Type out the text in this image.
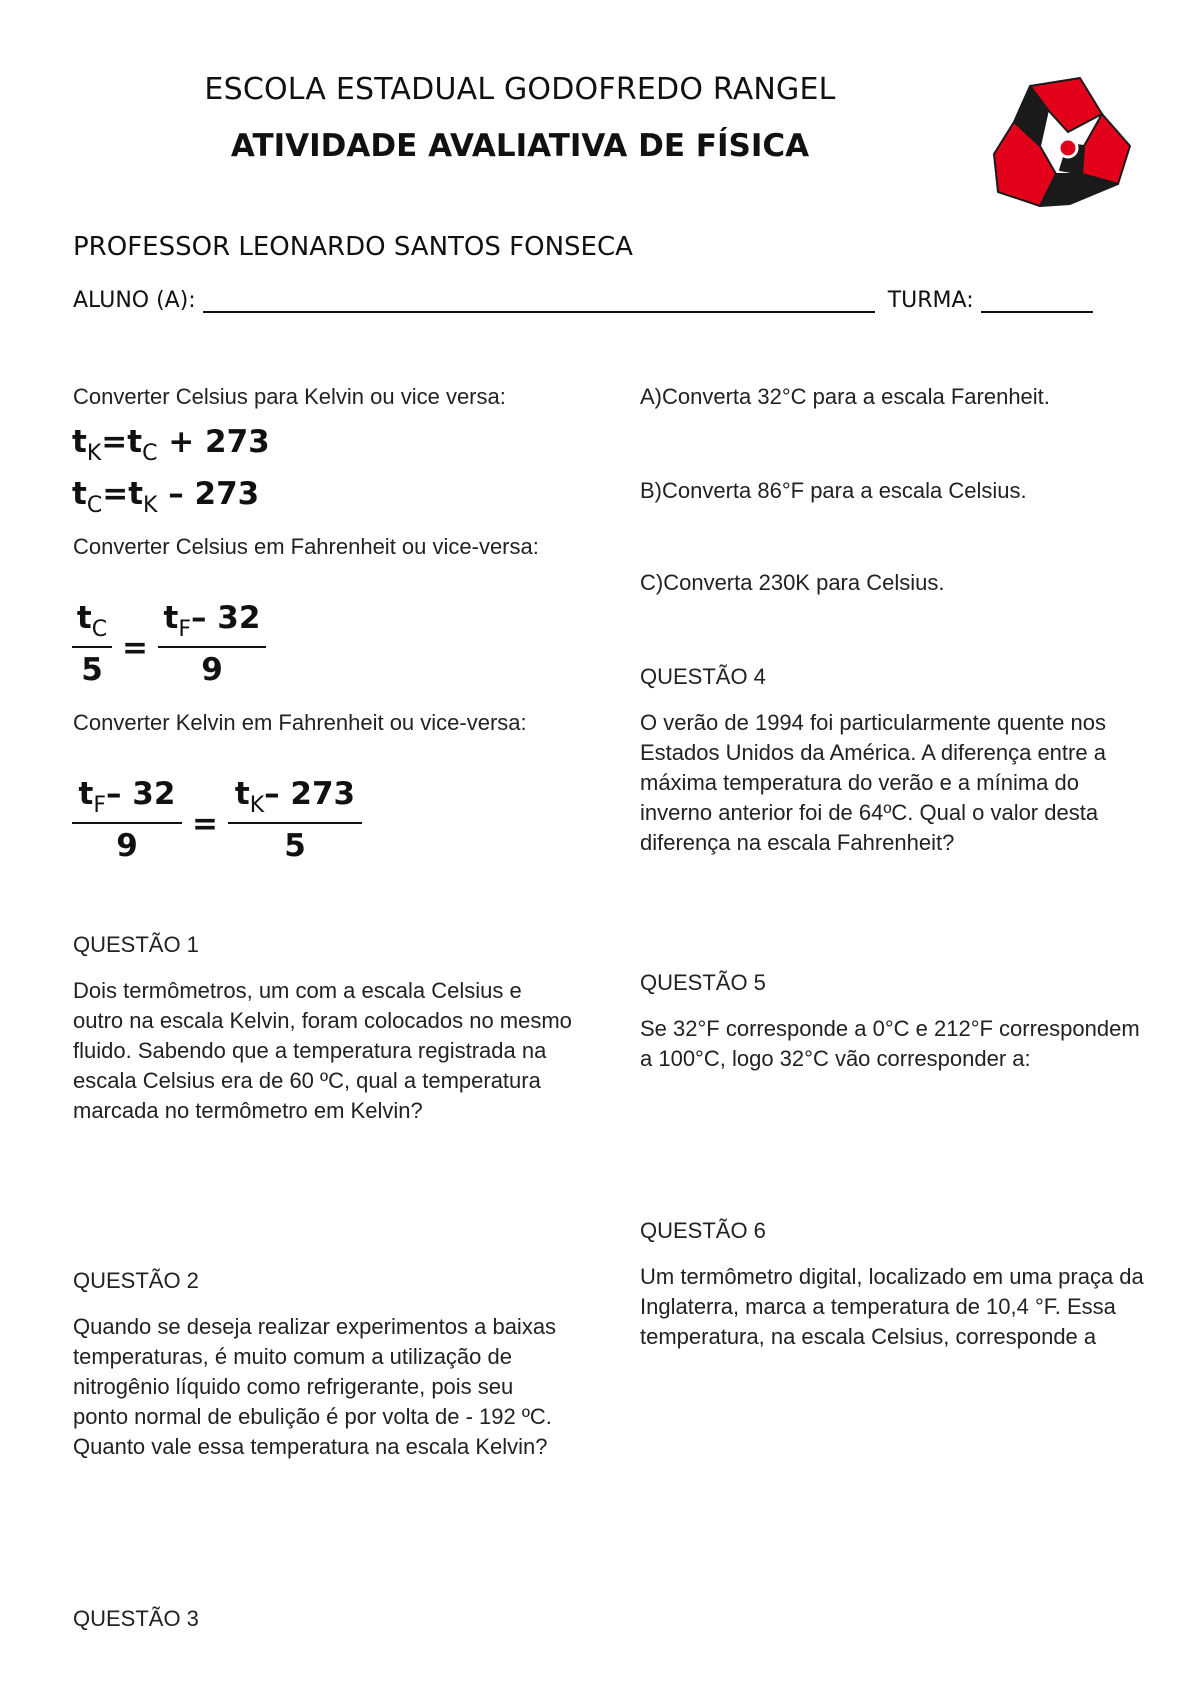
ESCOLA ESTADUAL GODOFREDO RANGEL
ATIVIDADE AVALIATIVA DE FÍSICA
PROFESSOR LEONARDO SANTOS FONSECA
ALUNO (A):	TURMA:
Converter Celsius para Kelvin ou vice versa:
$t_K=t_C + 273$
$t_C=t_K - 273$
Converter Celsius em Fahrenheit ou vice-versa:
$t_C$
5
=
$t_F-$ 32
9
Converter Kelvin em Fahrenheit ou vice-versa:
$t_F-$ 32
9
=
$t_K-$ 273
5
QUESTÃO 1
Dois termômetros, um com a escala Celsius e outro na escala Kelvin, foram colocados no mesmo fluido. Sabendo que a temperatura registrada na escala Celsius era de 60 ºC, qual a temperatura marcada no termômetro em Kelvin?
QUESTÃO 2
Quando se deseja realizar experimentos a baixas temperaturas, é muito comum a utilização de nitrogênio líquido como refrigerante, pois seu ponto normal de ebulição é por volta de - 192 ºC. Quanto vale essa temperatura na escala Kelvin?
QUESTÃO 3
A)Converta 32°C para a escala Farenheit.
B)Converta 86°F para a escala Celsius.
C)Converta 230K para Celsius.
QUESTÃO 4
O verão de 1994 foi particularmente quente nos Estados Unidos da América. A diferença entre a máxima temperatura do verão e a mínima do inverno anterior foi de 64ºC. Qual o valor desta diferença na escala Fahrenheit?
QUESTÃO 5
Se 32°F corresponde a 0°C e 212°F correspondem a 100°C, logo 32°C vão corresponder a:
QUESTÃO 6
Um termômetro digital, localizado em uma praça da Inglaterra, marca a temperatura de 10,4 °F. Essa temperatura, na escala Celsius, corresponde a
